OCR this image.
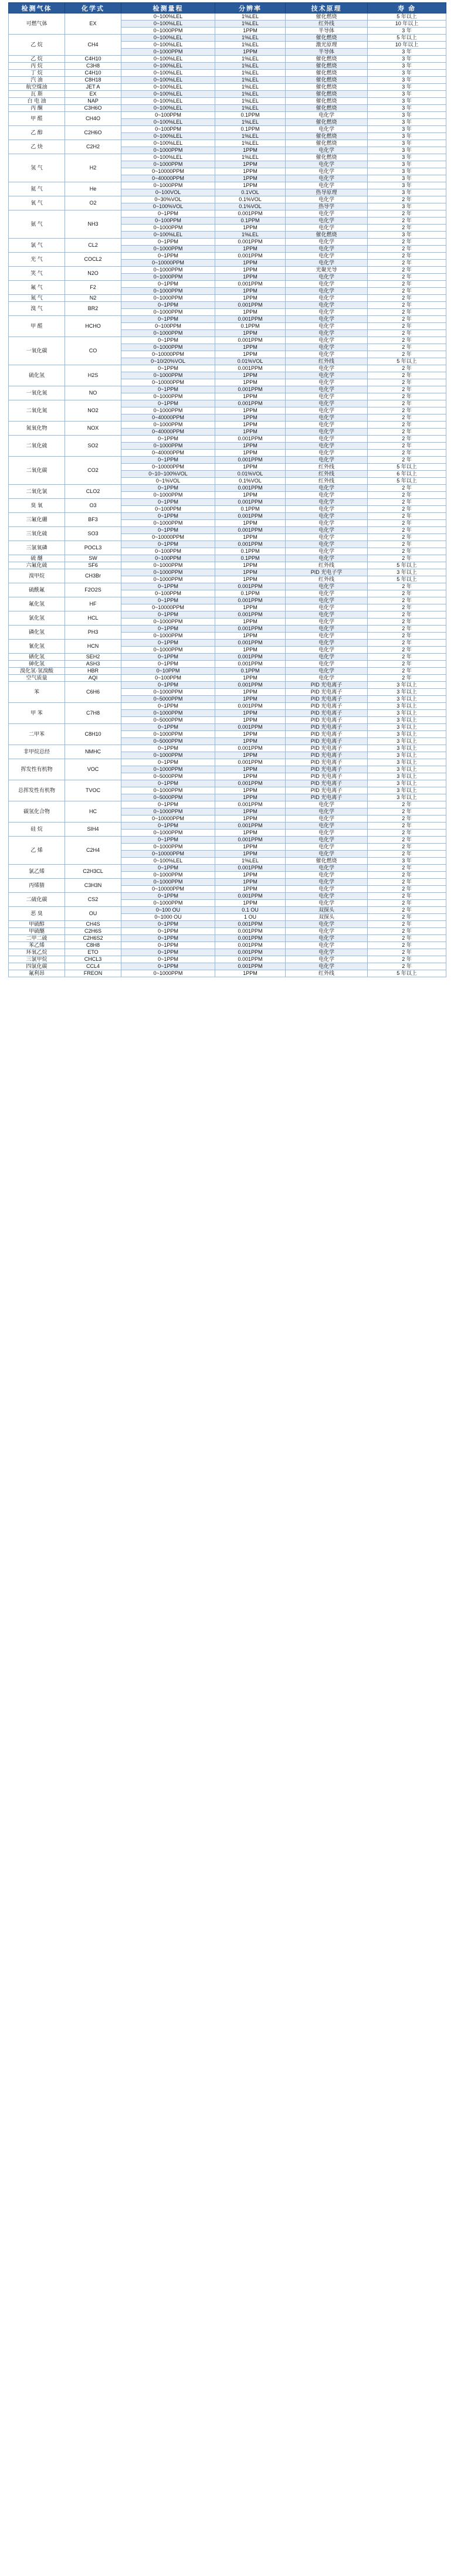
检测气体	化学式	检测量程	分辨率	技术原理	寿 命
可燃气体	EX	0~100%LEL	1%LEL	催化燃烧	5 年以上
		0~100%LEL	1%LEL	红外线	10 年以上
		0~1000PPM	1PPM	半导体	3 年
乙 烷	CH4	0~100%LEL	1%LEL	催化燃烧	5 年以上
		0~100%LEL	1%LEL	激光原理	10 年以上
		0~1000PPM	1PPM	半导体	3 年
乙 烷	C4H10	0~100%LEL	1%LEL	催化燃烧	3 年
丙 烷	C3H8	0~100%LEL	1%LEL	催化燃烧	3 年
丁 烷	C4H10	0~100%LEL	1%LEL	催化燃烧	3 年
汽 油	C8H18	0~100%LEL	1%LEL	催化燃烧	3 年
航空煤油	JET A	0~100%LEL	1%LEL	催化燃烧	3 年
瓦 斯	EX	0~100%LEL	1%LEL	催化燃烧	3 年
白 电 油	NAP	0~100%LEL	1%LEL	催化燃烧	3 年
丙 酮	C3H6O	0~100%LEL	1%LEL	催化燃烧	3 年
甲 醛	CH4O	0~100PPM	0.1PPM	电化学	3 年
		0~100%LEL	1%LEL	催化燃烧	3 年
乙 醇	C2H6O	0~100PPM	0.1PPM	电化学	3 年
		0~100%LEL	1%LEL	催化燃烧	3 年
乙 炔	C2H2	0~100%LEL	1%LEL	催化燃烧	3 年
		0~1000PPM	1PPM	电化学	3 年
氢 气	H2	0~100%LEL	1%LEL	催化燃烧	3 年
		0~1000PPM	1PPM	电化学	3 年
		0~10000PPM	1PPM	电化学	3 年
		0~40000PPM	1PPM	电化学	3 年
氦 气	He	0~1000PPM	1PPM	电化学	3 年
		0~100VOL	0.1VOL	热导原理	3 年
氧 气	O2	0~30%VOL	0.1%VOL	电化学	2 年
		0~100%VOL	0.1%VOL	热导学	3 年
氨 气	NH3	0~1PPM	0.001PPM	电化学	2 年
		0~100PPM	0.1PPM	电化学	2 年
		0~1000PPM	1PPM	电化学	2 年
		0~100%LEL	1%LEL	催化燃烧	3 年
氯 气	CL2	0~1PPM	0.001PPM	电化学	2 年
		0~1000PPM	1PPM	电化学	2 年
光 气	COCL2	0~1PPM	0.001PPM	电化学	2 年
		0~10000PPM	1PPM	电化学	2 年
笑 气	N2O	0~1000PPM	1PPM	光聚光导	2 年
		0~1000PPM	1PPM	电化学	2 年
氟 气	F2	0~1PPM	0.001PPM	电化学	2 年
		0~1000PPM	1PPM	电化学	2 年
氮 气	N2	0~1000PPM	1PPM	电化学	2 年
溴 气	BR2	0~1PPM	0.001PPM	电化学	2 年
		0~1000PPM	1PPM	电化学	2 年
甲 醛	HCHO	0~1PPM	0.001PPM	电化学	2 年
		0~100PPM	0.1PPM	电化学	2 年
		0~1000PPM	1PPM	电化学	2 年
一氧化碳	CO	0~1PPM	0.001PPM	电化学	2 年
		0~1000PPM	1PPM	电化学	2 年
		0~10000PPM	1PPM	电化学	2 年
		0~10/20%VOL	0.01%VOL	红外线	5 年以上
硫化氢	H2S	0~1PPM	0.001PPM	电化学	2 年
		0~1000PPM	1PPM	电化学	2 年
		0~10000PPM	1PPM	电化学	2 年
一氧化氮	NO	0~1PPM	0.001PPM	电化学	2 年
		0~1000PPM	1PPM	电化学	2 年
二氧化氮	NO2	0~1PPM	0.001PPM	电化学	2 年
		0~1000PPM	1PPM	电化学	2 年
		0~40000PPM	1PPM	电化学	2 年
氮氧化物	NOX	0~1000PPM	1PPM	电化学	2 年
		0~40000PPM	1PPM	电化学	2 年
二氧化硫	SO2	0~1PPM	0.001PPM	电化学	2 年
		0~1000PPM	1PPM	电化学	2 年
		0~40000PPM	1PPM	电化学	2 年
二氧化碳	CO2	0~1PPM	0.001PPM	电化学	2 年
		0~10000PPM	1PPM	红外线	5 年以上
		0~10~100%VOL	0.01%VOL	红外线	6 年以上
		0~1%VOL	0.1%VOL	红外线	5 年以上
二氧化氯	CLO2	0~1PPM	0.001PPM	电化学	2 年
		0~1000PPM	1PPM	电化学	2 年
臭 氧	O3	0~1PPM	0.001PPM	电化学	2 年
		0~100PPM	0.1PPM	电化学	2 年
三氟化硼	BF3	0~1PPM	0.001PPM	电化学	2 年
		0~1000PPM	1PPM	电化学	2 年
三氧化硫	SO3	0~1PPM	0.001PPM	电化学	2 年
		0~10000PPM	1PPM	电化学	2 年
三氯氧磷	POCL3	0~1PPM	0.001PPM	电化学	2 年
		0~100PPM	0.1PPM	电化学	2 年
硫 醚	SW	0~100PPM	0.1PPM	电化学	2 年
六氟化硫	SF6	0~1000PPM	1PPM	红外线	5 年以上
溴甲烷	CH3Br	0~1000PPM	1PPM	PID 光电子学	3 年以上
		0~1000PPM	1PPM	红外线	5 年以上
硫酰氟	F2O2S	0~1PPM	0.001PPM	电化学	2 年
		0~100PPM	0.1PPM	电化学	2 年
氟化氢	HF	0~1PPM	0.001PPM	电化学	2 年
		0~10000PPM	1PPM	电化学	2 年
氯化氢	HCL	0~1PPM	0.001PPM	电化学	2 年
		0~1000PPM	1PPM	电化学	2 年
磷化氢	PH3	0~1PPM	0.001PPM	电化学	2 年
		0~1000PPM	1PPM	电化学	2 年
氰化氢	HCN	0~1PPM	0.001PPM	电化学	2 年
		0~1000PPM	1PPM	电化学	2 年
硒化氢	SEH2	0~1PPM	0.001PPM	电化学	2 年
砷化氢	ASH3	0~1PPM	0.001PPM	电化学	2 年
溴化氢·氢溴酸	HBR	0~10PPM	0.1PPM	电化学	2 年
空气质量	AQI	0~100PPM	1PPM	电化学	2 年
苯	C6H6	0~1PPM	0.001PPM	PID 光电离子	3 年以上
		0~1000PPM	1PPM	PID 光电离子	3 年以上
		0~5000PPM	1PPM	PID 光电离子	3 年以上
甲 苯	C7H8	0~1PPM	0.001PPM	PID 光电离子	3 年以上
		0~1000PPM	1PPM	PID 光电离子	3 年以上
		0~5000PPM	1PPM	PID 光电离子	3 年以上
二甲苯	C8H10	0~1PPM	0.001PPM	PID 光电离子	3 年以上
		0~1000PPM	1PPM	PID 光电离子	3 年以上
		0~5000PPM	1PPM	PID 光电离子	3 年以上
非甲烷总经	NMHC	0~1PPM	0.001PPM	PID 光电离子	3 年以上
		0~1000PPM	1PPM	PID 光电离子	3 年以上
挥发性有机物	VOC	0~1PPM	0.001PPM	PID 光电离子	3 年以上
		0~1000PPM	1PPM	PID 光电离子	3 年以上
		0~5000PPM	1PPM	PID 光电离子	3 年以上
总挥发性有机物	TVOC	0~1PPM	0.001PPM	PID 光电离子	3 年以上
		0~1000PPM	1PPM	PID 光电离子	3 年以上
		0~5000PPM	1PPM	PID 光电离子	3 年以上
碳氢化合物	HC	0~1PPM	0.001PPM	电化学	2 年
		0~1000PPM	1PPM	电化学	2 年
		0~10000PPM	1PPM	电化学	2 年
硅 烷	SIH4	0~1PPM	0.001PPM	电化学	2 年
		0~1000PPM	1PPM	电化学	2 年
乙 烯	C2H4	0~1PPM	0.001PPM	电化学	2 年
		0~1000PPM	1PPM	电化学	2 年
		0~10000PPM	1PPM	电化学	2 年
		0~100%LEL	1%LEL	催化燃烧	3 年
氯乙烯	C2H3CL	0~1PPM	0.001PPM	电化学	2 年
		0~1000PPM	1PPM	电化学	2 年
丙烯腈	C3H3N	0~1000PPM	1PPM	电化学	2 年
		0~10000PPM	1PPM	电化学	2 年
二硫化碳	CS2	0~1PPM	0.001PPM	电化学	2 年
		0~1000PPM	1PPM	电化学	2 年
恶 臭	OU	0~100 OU	0.1 OU	双探头	2 年
		0~1000 OU	1 OU	双探头	2 年
甲硫醇	CH4S	0~1PPM	0.001PPM	电化学	2 年
甲硫醚	C2H6S	0~1PPM	0.001PPM	电化学	2 年
二甲二硫	C2H6S2	0~1PPM	0.001PPM	电化学	2 年
苯乙烯	C8H8	0~1PPM	0.001PPM	电化学	2 年
环氧乙烷	ETO	0~1PPM	0.001PPM	电化学	2 年
三氯甲烷	CHCL3	0~1PPM	0.001PPM	电化学	2 年
四氯化碳	CCL4	0~1PPM	0.001PPM	电化学	2 年
氟利昂	FREON	0~1000PPM	1PPM	红外线	5 年以上
